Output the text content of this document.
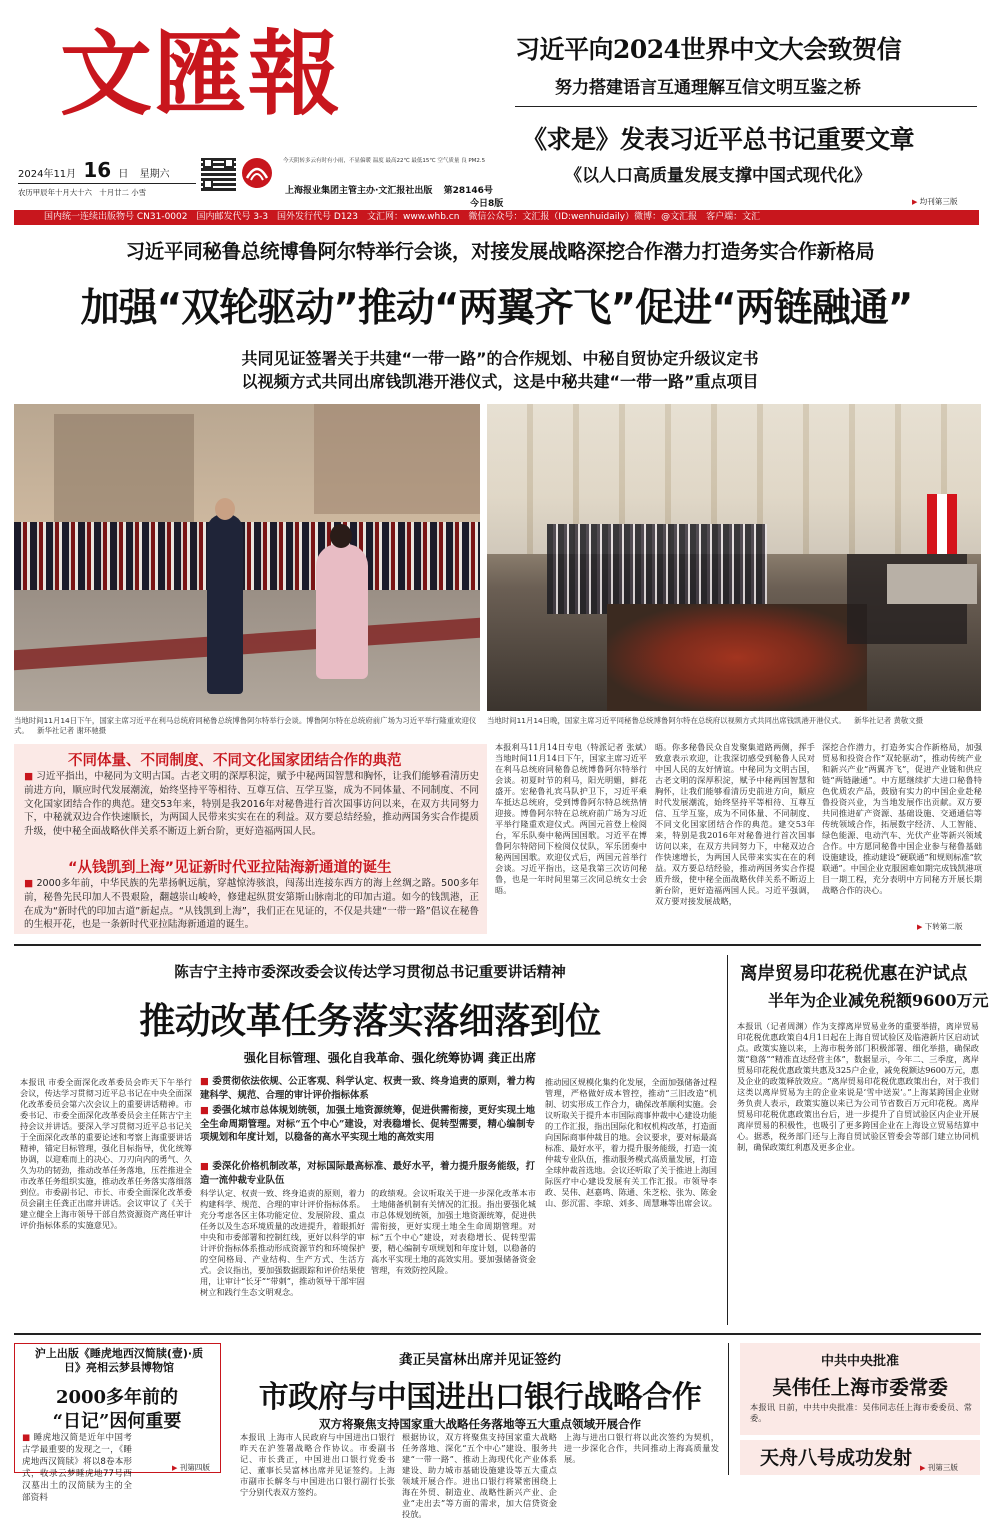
文匯報
2024年11月 16 日 星期六
农历甲辰年十月大十六　十月廿二 小雪
今天阴转多云有时有小雨，不显偏暖 温度 最高22℃ 最低15℃ 空气质量 良 PM2.5
上海报业集团主管主办·文汇报社出版 第28146号
今日8版
习近平向2024世界中文大会致贺信
努力搭建语言互通理解互信文明互鉴之桥
《求是》发表习近平总书记重要文章
《以人口高质量发展支撑中国式现代化》
▶ 均刊第三版
国内统一连续出版物号 CN31-0002　国内邮发代号 3-3　国外发行代号 D123　文汇网：www.whb.cn　微信公众号：文汇报（ID:wenhuidaily）微博：@文汇报　客户端：文汇
习近平同秘鲁总统博鲁阿尔特举行会谈，对接发展战略深挖合作潜力打造务实合作新格局
加强“双轮驱动”推动“两翼齐飞”促进“两链融通”
共同见证签署关于共建“一带一路”的合作规划、中秘自贸协定升级议定书
以视频方式共同出席钱凯港开港仪式，这是中秘共建“一带一路”重点项目
当地时间11月14日下午，国家主席习近平在利马总统府同秘鲁总统博鲁阿尔特举行会谈。博鲁阿尔特在总统府前广场为习近平举行隆重欢迎仪式。 新华社记者 谢环驰摄
当地时间11月14日晚，国家主席习近平同秘鲁总统博鲁阿尔特在总统府以视频方式共同出席钱凯港开港仪式。 新华社记者 黄敬文摄
不同体量、不同制度、不同文化国家团结合作的典范
■ 习近平指出，中秘同为文明古国。古老文明的深厚积淀，赋予中秘两国智慧和胸怀，让我们能够看清历史前进方向，顺应时代发展潮流，始终坚持平等相待、互尊互信、互学互鉴，成为不同体量、不同制度、不同文化国家团结合作的典范。建交53年来，特别是我2016年对秘鲁进行首次国事访问以来，在双方共同努力下，中秘就双边合作快速顺长，为两国人民带来实实在在的利益。双方要总结经验，推动两国务实合作提质升级，使中秘全面战略伙伴关系不断迈上新台阶，更好造福两国人民。
“从钱凯到上海”见证新时代亚拉陆海新通道的诞生
■ 2000多年前，中华民族的先辈扬帆远航，穿越惊涛骇浪，闯荡出连接东西方的海上丝绸之路。500多年前，秘鲁先民印加人不畏艰险，翻越崇山峻岭，修建起纵贯安第斯山脉南北的印加古道。如今的钱凯港，正在成为“新时代的印加古道”新起点。“从钱凯到上海”，我们正在见证的，不仅是共建“一带一路”倡议在秘鲁的生根开花，也是一条新时代亚拉陆海新通道的诞生。
本报利马11月14日专电（特派记者 张斌）当地时间11月14日下午，国家主席习近平在利马总统府同秘鲁总统博鲁阿尔特举行会谈。初夏时节的利马，阳光明媚，鲜花盛开。宏秘鲁礼宾马队护卫下，习近平乘车抵达总统府，受到博鲁阿尔特总统热情迎接。博鲁阿尔特在总统府前广场为习近平举行隆重欢迎仪式。两国元首登上检阅台，军乐队奏中秘两国国歌。习近平在博鲁阿尔特陪同下检阅仪仗队，军乐团奏中秘两国国歌。欢迎仪式后，两国元首举行会谈。习近平指出，这是我第三次访问秘鲁，也是一年时间里第三次同总统女士会晤。
晤。你多秘鲁民众自发聚集道路两侧，挥手致意表示欢迎，让我深切感受到秘鲁人民对中国人民的友好情谊。中秘同为文明古国，古老文明的深厚积淀，赋予中秘两国智慧和胸怀，让我们能够看清历史前进方向，顺应时代发展潮流，始终坚持平等相待、互尊互信、互学互鉴，成为不同体量、不同制度、不同文化国家团结合作的典范。建交53年来，特别是我2016年对秘鲁进行首次国事访问以来，在双方共同努力下，中秘双边合作快速增长，为两国人民带来实实在在的利益。双方要总结经验，推动两国务实合作提质升级，使中秘全面战略伙伴关系不断迈上新台阶，更好造福两国人民。习近平强调，双方要对接发展战略，
深挖合作潜力，打造务实合作新格局，加强贸易和投资合作“双轮驱动”，推动传统产业和新兴产业“两翼齐飞”，促进产业链和供应链“两链融通”。中方愿继续扩大进口秘鲁特色优质农产品，鼓励有实力的中国企业赴秘鲁投资兴业，为当地发展作出贡献。双方要共同推进矿产资源、基础设施、交通通信等传统领域合作，拓展数字经济、人工智能、绿色能源、电动汽车、光伏产业等新兴领域合作。中方愿同秘鲁中国企业参与秘鲁基础设施建设，推动建设“硬联通”和规则标准“软联通”。中国企业克服困难如期完成钱凯港项目一期工程，充分表明中方同秘方开展长期战略合作的决心。
▶ 下转第二版
陈吉宁主持市委深改委会议传达学习贯彻总书记重要讲话精神
推动改革任务落实落细落到位
强化目标管理、强化自我革命、强化统筹协调 龚正出席
本报讯 市委全面深化改革委员会昨天下午举行会议，传达学习贯彻习近平总书记在中央全面深化改革委员会第六次会议上的重要讲话精神。市委书记、市委全面深化改革委员会主任陈吉宁主持会议并讲话。要深入学习贯彻习近平总书记关于全面深化改革的重要论述和考察上海重要讲话精神，锚定目标管理，强化目标指导，优化统筹协调，以迎难而上的决心、刀刃向内的勇气、久久为功的韧劲，推动改革任务落地，压茬推进全市改革任务组织实施，推动改革任务落实落细落到位。市委副书记、市长、市委全面深化改革委员会副主任龚正出席并讲话。会议审议了《关于建立健全上海市领导干部自然资源资产离任审计评价指标体系的实施意见》。
■ 委贯彻依法依规、公正客观、科学认定、权责一致、终身追责的原则，着力构建科学、规范、合理的审计评价指标体系
■ 委强化城市总体规划统领，加强土地资源统筹，促进供需衔接，更好实现土地全生命周期管理。对标“五个中心”建设，对表稳增长、促转型需要，精心编制专项规划和年度计划，以稳备的高水平实现土地的高效实用
■ 委深化价格机制改革，对标国际最高标准、最好水平，着力提升服务能级，打造一流仲裁专业队伍
科学认定、权责一致、终身追责的原则，着力构建科学、规范、合理的审计评价指标体系。充分考虑各区主体功能定位、发展阶段、重点任务以及生态环境质量的改进提升，着眼抓好中央和市委部署和控制红线，更好以科学的审计评价指标体系推动形成资源节约和环境保护的空间格局、产业结构、生产方式、生活方式。会议指出，要加强数据跟踪和评价结果使用，让审计“长牙”“带刺”，推动领导干部牢固树立和践行生态文明观念。
的政绩观。会议听取关于进一步深化改革本市土地储备机制有关情况的汇报。指出要强化城市总体规划统领，加强土地资源统筹，促进供需衔接，更好实现土地全生命周期管理。对标“五个中心”建设，对表稳增长、促转型需要，精心编制专项规划和年度计划，以稳备的高水平实现土地的高效实用。要加强储备资金管理，有效防控风险。
推动园区规模化集约化发展，全面加强储备过程管理，严格做好成本管控，推动“三旧改造”机制、切实形成工作合力，确保改革顺利实施。会议听取关于提升本市国际商事仲裁中心建设功能的工作汇报，指出国际化和权机构改革，打造面向国际商事仲裁目的地。会议要求，要对标最高标准、最好水平，着力提升服务能级，打造一流仲裁专业队伍，推动服务模式高质量发展，打造全球仲裁首选地。会议还听取了关于推进上海国际医疗中心建设发展有关工作汇报。市领导李政、吴伟、赵嘉鸣、陈通、朱芝松、张为、陈金山、彭沉雷、李琼、刘多、周慧琳等出席会议。
离岸贸易印花税优惠在沪试点
半年为企业减免税额9600万元
本报讯（记者周渊）作为支撑离岸贸易业务的重要举措，离岸贸易印花税优惠政策自4月1日起在上海自贸试验区及临港新片区启动试点。政策实施以来，上海市税务部门积极部署、细化举措，确保政策“稳落”“精准直达经营主体”，数据显示，今年二、三季度，离岸贸易印花税优惠政策共惠及325户企业，减免税额达9600万元，惠及企业的政策释放效应。“离岸贸易印花税优惠政策出台，对于我们这类以离岸贸易为主的企业来说是‘雪中送炭’。”上海某跨国企业财务负责人表示，政策实施以来已为公司节省数百万元印花税。离岸贸易印花税优惠政策出台后，进一步提升了自贸试验区内企业开展离岸贸易的积极性，也吸引了更多跨国企业在上海设立贸易结算中心。据悉，税务部门还与上海自贸试验区管委会等部门建立协同机制，确保政策红利惠及更多企业。
沪上出版《睡虎地西汉简牍(壹)·质日》亮相云梦县博物馆
2000多年前的
“日记”因何重要
■ 睡虎地汉简是近年中国考古学最重要的发现之一，《睡虎地西汉简牍》将以8卷本形式，收录云梦睡虎地77号西汉墓出土的汉简牍为主的全部资料
▶ 刊第四版
龚正吴富林出席并见证签约
市政府与中国进出口银行战略合作
双方将聚焦支持国家重大战略任务落地等五大重点领域开展合作
本报讯 上海市人民政府与中国进出口银行昨天在沪签署战略合作协议。市委副书记、市长龚正，中国进出口银行党委书记、董事长吴富林出席并见证签约。上海市副市长解冬与中国进出口银行副行长张宁分别代表双方签约。
根据协议，双方将聚焦支持国家重大战略任务落地、深化“五个中心”建设、服务共建“一带一路”、推动上海现代化产业体系建设、助力城市基础设施建设等五大重点领域开展合作。进出口银行将紧密围绕上海在外贸、制造业、战略性新兴产业、企业“走出去”等方面的需求，加大信贷资金投放。
上海与进出口银行将以此次签约为契机，进一步深化合作，共同推动上海高质量发展。
中共中央批准
吴伟任上海市委常委
本报讯 日前，中共中央批准：吴伟同志任上海市委委员、常委。
天舟八号成功发射
▶	刊第三版
